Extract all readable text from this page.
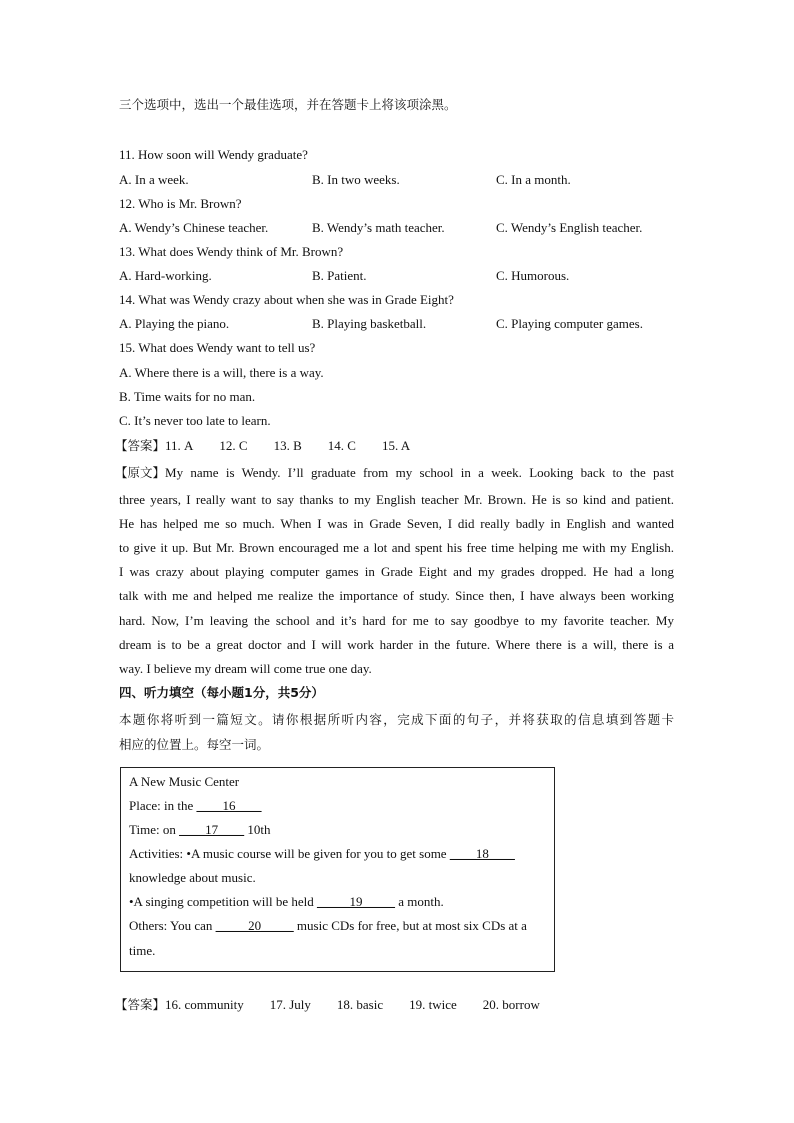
三个选项中，选出一个最佳选项，并在答题卡上将该项涂黑。
11. How soon will Wendy graduate?
A. In a week.	B. In two weeks.	C. In a month.
12. Who is Mr. Brown?
A. Wendy’s Chinese teacher.	B. Wendy’s math teacher.	C. Wendy’s English teacher.
13. What does Wendy think of Mr. Brown?
A. Hard-working.	B. Patient.	C. Humorous.
14. What was Wendy crazy about when she was in Grade Eight?
A. Playing the piano.	B. Playing basketball.	C. Playing computer games.
15. What does Wendy want to tell us?
A. Where there is a will, there is a way.
B. Time waits for no man.
C. It’s never too late to learn.
【答案】11. A 12. C 13. B 14. C 15. A
【原文】 My name is Wendy. I’ll graduate from my school in a week. Looking back to the past
three years, I really want to say thanks to my English teacher Mr. Brown. He is so kind and patient.
He has helped me so much. When I was in Grade Seven, I did really badly in English and wanted
to give it up. But Mr. Brown encouraged me a lot and spent his free time helping me with my English.
I was crazy about playing computer games in Grade Eight and my grades dropped. He had a long
talk with me and helped me realize the importance of study. Since then, I have always been working
hard. Now, I’m leaving the school and it’s hard for me to say goodbye to my favorite teacher. My
dream is to be a great doctor and I will work harder in the future. Where there is a will, there is a
way. I believe my dream will come true one day.
四、听力填空（每小题1分，共5分）
本题你将听到一篇短文。请你根据所听内容，完成下面的句子，并将获取的信息填到答题卡
相应的位置上。每空一词。
A New Music Center
Place: in the ____16____
Time: on ____17____ 10th
Activities: •A music course will be given for you to get some ____18____
knowledge about music.
•A singing competition will be held _____19_____ a month.
Others: You can _____20_____ music CDs for free, but at most six CDs at a
time.
【答案】16. community 17. July 18. basic 19. twice 20. borrow
